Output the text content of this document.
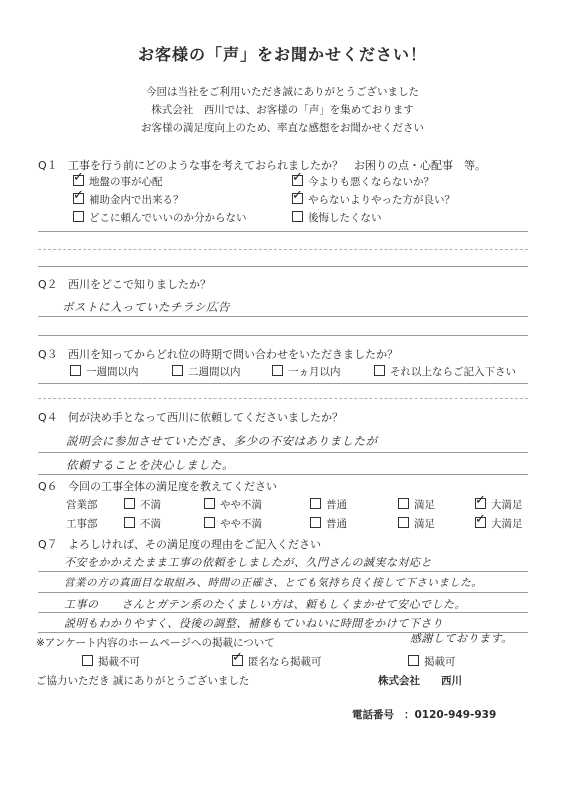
お客様の「声」をお聞かせください！
今回は当社をご利用いただき誠にありがとうございました
株式会社　西川では、お客様の「声」を集めております
お客様の満足度向上のため、率直な感想をお聞かせください
Q１ 工事を行う前にどのような事を考えておられましたか？　お困りの点・心配事　等。
✓地盤の事が心配 ✓	今よりも悪くならないか？
✓補助金内で出来る？ ✓	やらないよりやった方が良い？
どこに頼んでいいのか分からない	後悔したくない
Q２ 西川をどこで知りましたか？
ポストに入っていたチラシ広告
Q３ 西川を知ってからどれ位の時期で問い合わせをいただきましたか？
一週間以内	二週間以内	一ヵ月以内	それ以上ならご記入下さい
Q４ 何が決め手となって西川に依頼してくださいましたか？
説明会に参加させていただき、多少の不安はありましたが
依頼することを決心しました。
Q６ 今回の工事全体の満足度を教えてください
営業部	不満	やや不満	普通	満足 ✓	大満足
工事部	不満	やや不満	普通	満足 ✓	大満足
Q７ よろしければ、その満足度の理由をご記入ください
不安をかかえたまま工事の依頼をしましたが、久門さんの誠実な対応と
営業の方の真面目な取組み、時間の正確さ、とても気持ち良く接して下さいました。
工事の　　さんとガテン系のたくましい方は、頼もしくまかせて安心でした。
説明もわかりやすく、役後の調整、補修もていねいに時間をかけて下さり
感謝しております。
※アンケート内容のホームページへの掲載について
掲載不可 ✓	匿名なら掲載可	掲載可
ご協力いただき 誠にありがとうございました	株式会社　　西川
電話番号 ：0120-949-939
